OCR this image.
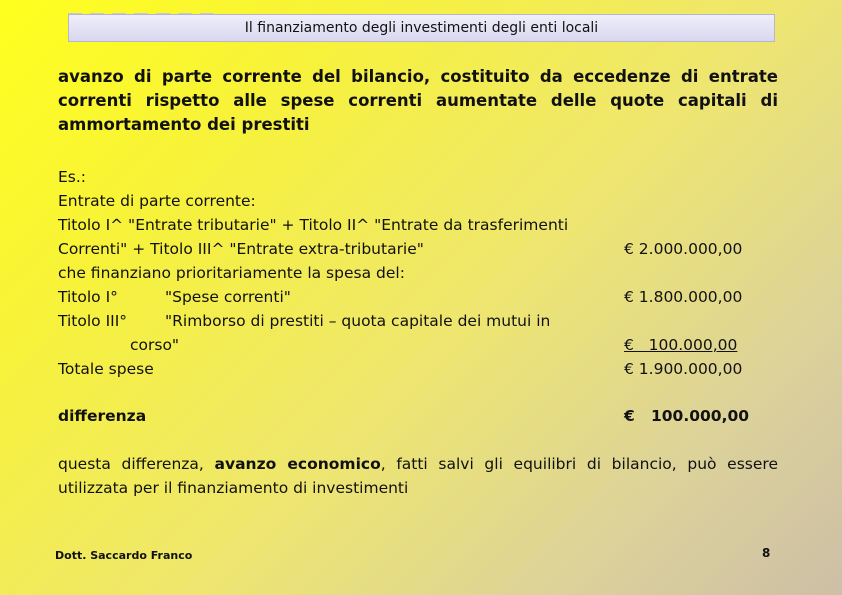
Il finanziamento degli investimenti degli enti locali
avanzo di parte corrente del bilancio, costituito da eccedenze di entrate
correnti rispetto alle spese correnti aumentate delle quote capitali di
ammortamento dei prestiti
Es.:
Entrate di parte corrente:
Titolo I^ "Entrate tributarie" + Titolo II^ "Entrate da trasferimenti
Correnti" + Titolo III^ "Entrate extra-tributarie"	€ 2.000.000,00
che finanziano prioritariamente la spesa del:
Titolo I°	"Spese correnti"	€ 1.800.000,00
Titolo III° "Rimborso di prestiti – quota capitale dei mutui in
corso"	€   100.000,00
Totale spese	€ 1.900.000,00
differenza	€   100.000,00
questa differenza, avanzo economico, fatti salvi gli equilibri di bilancio, può essere
utilizzata per il finanziamento di investimenti
Dott. Saccardo Franco	8
